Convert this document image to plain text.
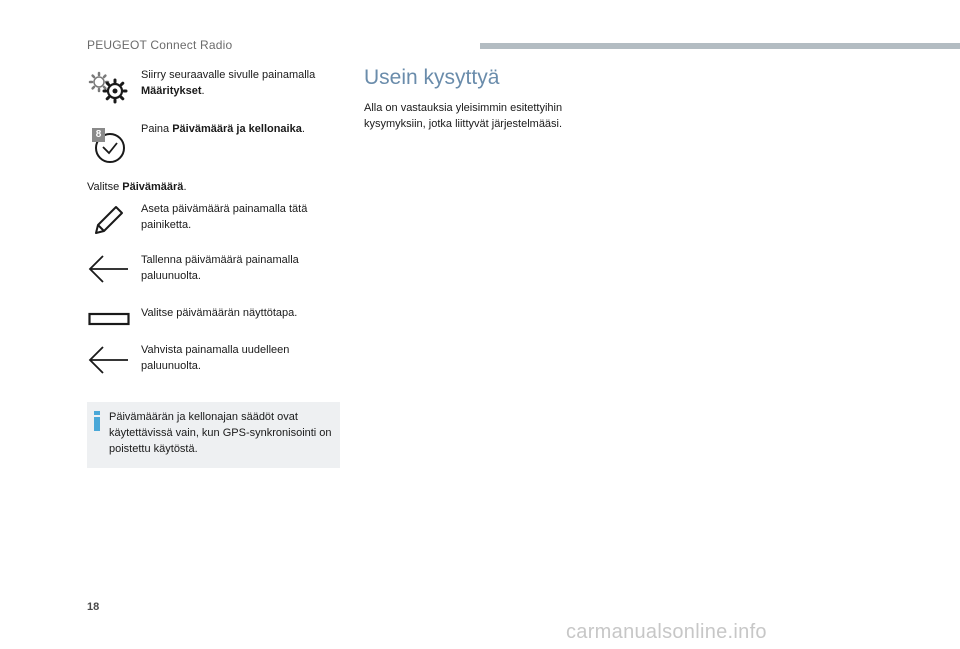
PEUGEOT Connect Radio
Siirry seuraavalle sivulle painamalla Määritykset.
8	Paina Päivämäärä ja kellonaika.
Valitse Päivämäärä.
Aseta päivämäärä painamalla tätä painiketta.
Tallenna päivämäärä painamalla paluunuolta.
Valitse päivämäärän näyttötapa.
Vahvista painamalla uudelleen paluunuolta.
Päivämäärän ja kellonajan säädöt ovat käytettävissä vain, kun GPS-synkronisointi on poistettu käytöstä.
Usein kysyttyä
Alla on vastauksia yleisimmin esitettyihin kysymyksiin, jotka liittyvät järjestelmääsi.
18
carmanualsonline.info
